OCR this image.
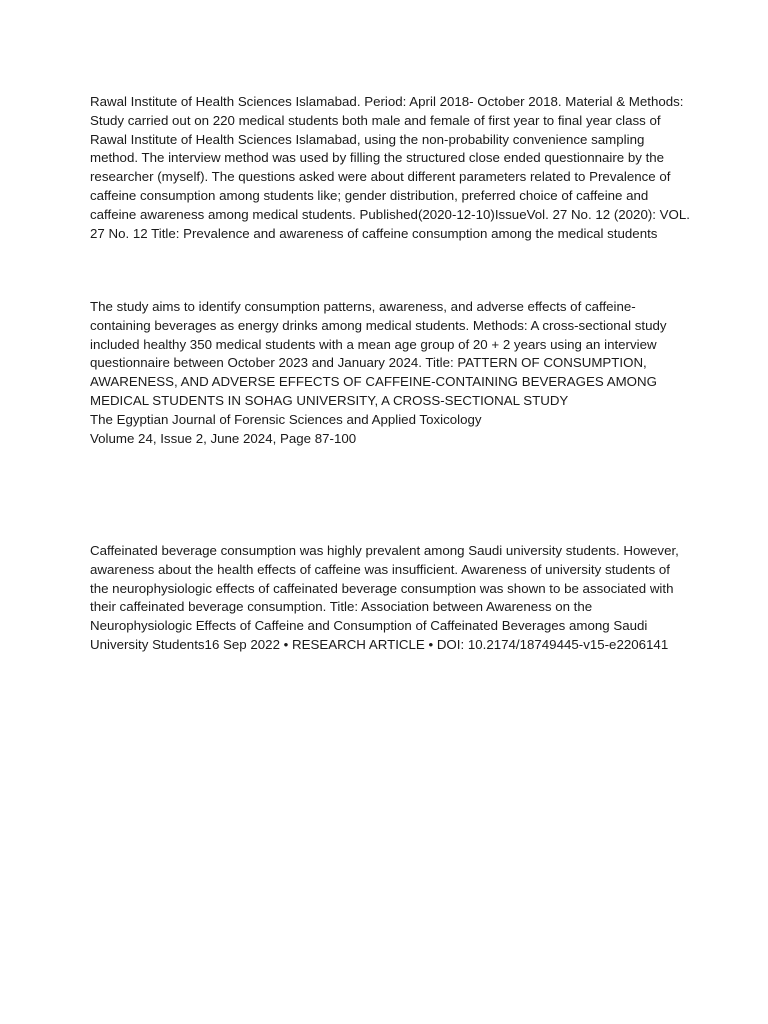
Rawal Institute of Health Sciences Islamabad. Period: April 2018- October 2018. Material & Methods: Study carried out on 220 medical students both male and female of first year to final year class of Rawal Institute of Health Sciences Islamabad, using the non-probability convenience sampling method. The interview method was used by filling the structured close ended questionnaire by the researcher (myself). The questions asked were about different parameters related to Prevalence of caffeine consumption among students like; gender distribution, preferred choice of caffeine and caffeine awareness among medical students. Published(2020-12-10)IssueVol. 27 No. 12 (2020): VOL. 27 No. 12 Title: Prevalence and awareness of caffeine consumption among the medical students

The study aims to identify consumption patterns, awareness, and adverse effects of caffeine-containing beverages as energy drinks among medical students. Methods: A cross-sectional study included healthy 350 medical students with a mean age group of 20 + 2 years using an interview questionnaire between October 2023 and January 2024. Title: PATTERN OF CONSUMPTION, AWARENESS, AND ADVERSE EFFECTS OF CAFFEINE-CONTAINING BEVERAGES AMONG MEDICAL STUDENTS IN SOHAG UNIVERSITY, A CROSS-SECTIONAL STUDY

The Egyptian Journal of Forensic Sciences and Applied Toxicology

Volume 24, Issue 2, June 2024, Page 87-100

Caffeinated beverage consumption was highly prevalent among Saudi university students. However, awareness about the health effects of caffeine was insufficient. Awareness of university students of the neurophysiologic effects of caffeinated beverage consumption was shown to be associated with their caffeinated beverage consumption. Title: Association between Awareness on the Neurophysiologic Effects of Caffeine and Consumption of Caffeinated Beverages among Saudi University Students16 Sep 2022 • RESEARCH ARTICLE • DOI: 10.2174/18749445-v15-e2206141
